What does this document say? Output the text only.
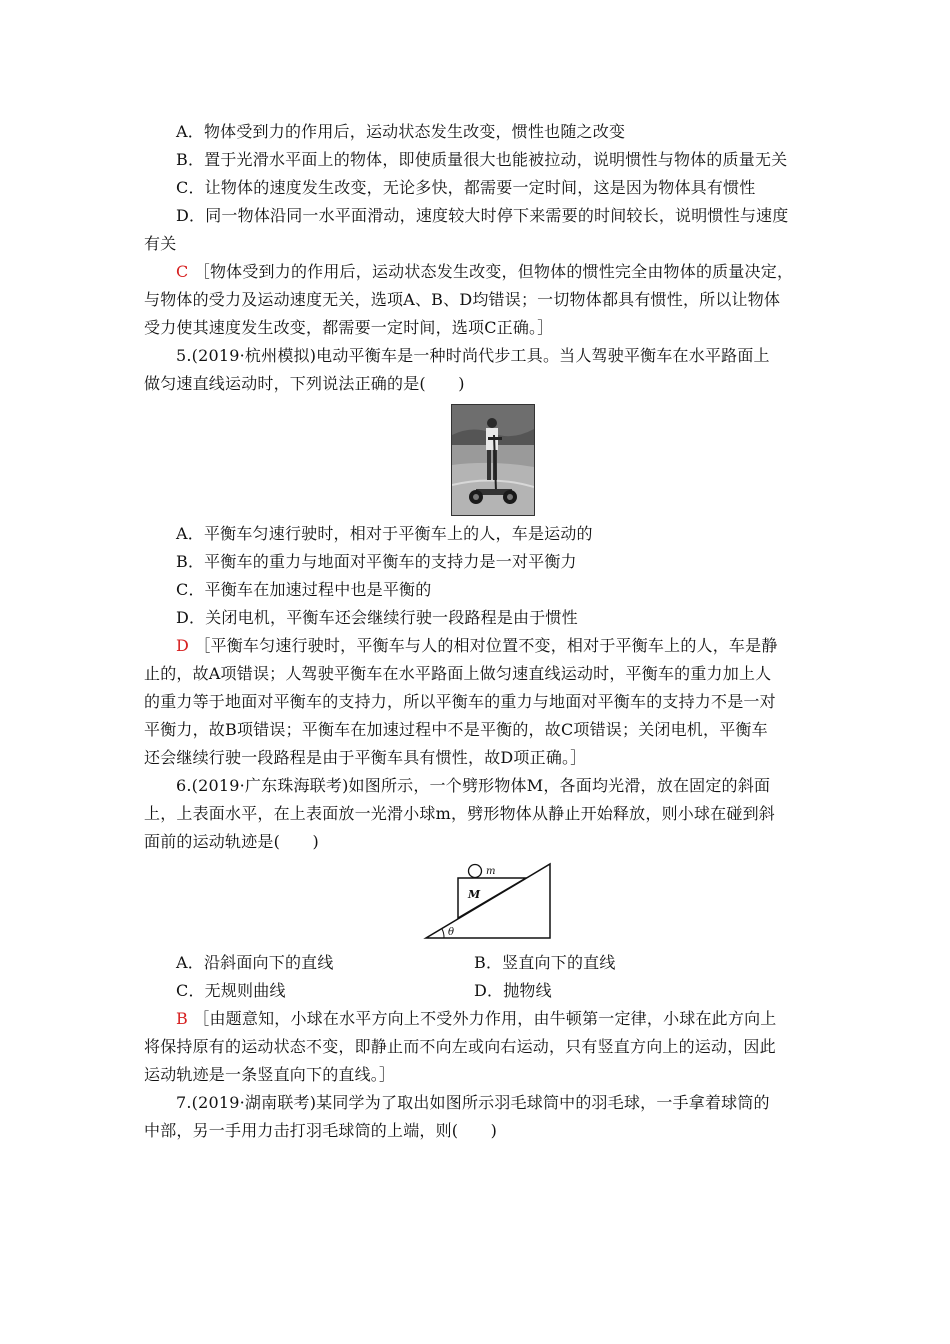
A．物体受到力的作用后，运动状态发生改变，惯性也随之改变
B．置于光滑水平面上的物体，即使质量很大也能被拉动，说明惯性与物体的质量无关
C．让物体的速度发生改变，无论多快，都需要一定时间，这是因为物体具有惯性
D．同一物体沿同一水平面滑动，速度较大时停下来需要的时间较长，说明惯性与速度
有关
C ［物体受到力的作用后，运动状态发生改变，但物体的惯性完全由物体的质量决定，
与物体的受力及运动速度无关，选项A、B、D均错误；一切物体都具有惯性，所以让物体
受力使其速度发生改变，都需要一定时间，选项C正确。］
5.(2019·杭州模拟)电动平衡车是一种时尚代步工具。当人驾驶平衡车在水平路面上
做匀速直线运动时，下列说法正确的是(　　)
A．平衡车匀速行驶时，相对于平衡车上的人，车是运动的
B．平衡车的重力与地面对平衡车的支持力是一对平衡力
C．平衡车在加速过程中也是平衡的
D．关闭电机，平衡车还会继续行驶一段路程是由于惯性
D ［平衡车匀速行驶时，平衡车与人的相对位置不变，相对于平衡车上的人，车是静
止的，故A项错误；人驾驶平衡车在水平路面上做匀速直线运动时，平衡车的重力加上人
的重力等于地面对平衡车的支持力，所以平衡车的重力与地面对平衡车的支持力不是一对
平衡力，故B项错误；平衡车在加速过程中不是平衡的，故C项错误；关闭电机，平衡车
还会继续行驶一段路程是由于平衡车具有惯性，故D项正确。］
6.(2019·广东珠海联考)如图所示，一个劈形物体M，各面均光滑，放在固定的斜面
上，上表面水平，在上表面放一光滑小球m，劈形物体从静止开始释放，则小球在碰到斜
面前的运动轨迹是(　　)
m
M
θ
A．沿斜面向下的直线	B．竖直向下的直线
C．无规则曲线	D．抛物线
B ［由题意知，小球在水平方向上不受外力作用，由牛顿第一定律，小球在此方向上
将保持原有的运动状态不变，即静止而不向左或向右运动，只有竖直方向上的运动，因此
运动轨迹是一条竖直向下的直线。］
7.(2019·湖南联考)某同学为了取出如图所示羽毛球筒中的羽毛球，一手拿着球筒的
中部，另一手用力击打羽毛球筒的上端，则(　　)
